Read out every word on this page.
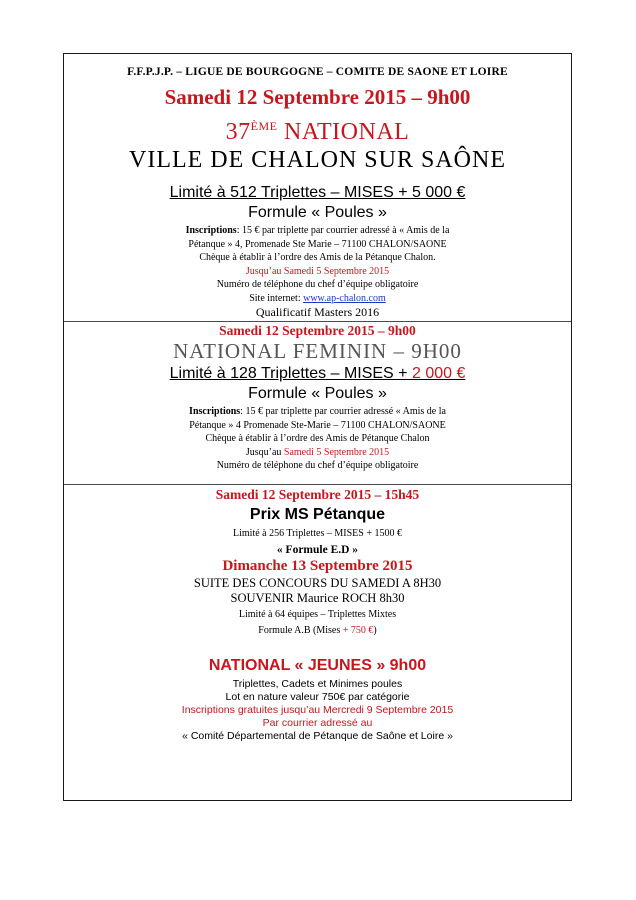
F.F.P.J.P. – LIGUE DE BOURGOGNE – COMITE DE SAONE ET LOIRE
Samedi 12 Septembre 2015 – 9h00
37ÈME NATIONAL
VILLE DE CHALON SUR SAÔNE
Limité à 512 Triplettes – MISES + 5 000 €
Formule « Poules »
Inscriptions: 15 € par triplette par courrier adressé à « Amis de la
Pétanque » 4, Promenade Ste Marie – 71100 CHALON/SAONE
Chèque à établir à l’ordre des Amis de la Pétanque Chalon.
Jusqu’au Samedi 5 Septembre 2015
Numéro de téléphone du chef d’équipe obligatoire
Site internet: www.ap-chalon.com
Qualificatif Masters 2016
Samedi 12 Septembre 2015 – 9h00
NATIONAL FEMININ – 9H00
Limité à 128 Triplettes – MISES + 2 000 €
Formule « Poules »
Inscriptions: 15 € par triplette par courrier adressé « Amis de la
Pétanque » 4 Promenade Ste-Marie – 71100 CHALON/SAONE
Chèque à établir à l’ordre des Amis de Pétanque Chalon
Jusqu’au Samedi 5 Septembre 2015
Numéro de téléphone du chef d’équipe obligatoire
Samedi 12 Septembre 2015 – 15h45
Prix MS Pétanque
Limité à 256 Triplettes – MISES + 1500 €
« Formule E.D »
Dimanche 13 Septembre 2015
SUITE DES CONCOURS DU SAMEDI A 8H30
SOUVENIR Maurice ROCH 8h30
Limité à 64 équipes – Triplettes Mixtes
Formule A.B (Mises + 750 €)
NATIONAL « JEUNES » 9h00
Triplettes, Cadets et Minimes poules
Lot en nature valeur 750€ par catégorie
Inscriptions gratuites jusqu’au Mercredi 9 Septembre 2015
Par courrier adressé au
« Comité Départemental de Pétanque de Saône et Loire »
